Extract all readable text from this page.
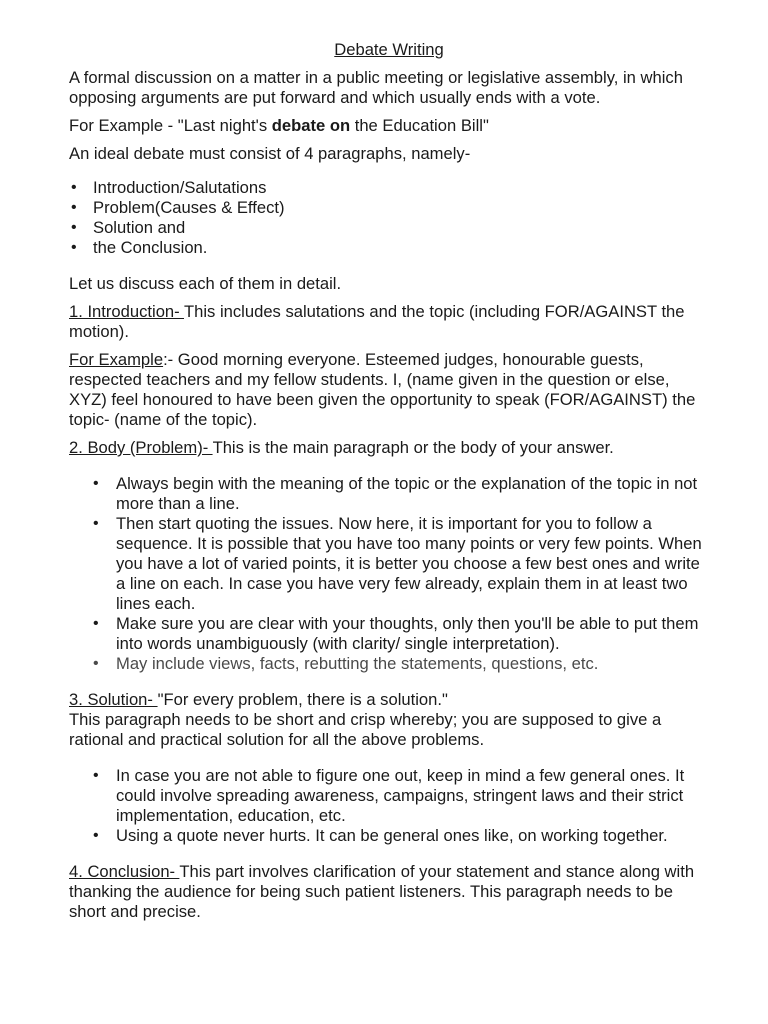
Debate Writing

A formal discussion on a matter in a public meeting or legislative assembly, in which opposing arguments are put forward and which usually ends with a vote.

For Example - "Last night's debate on the Education Bill"

An ideal debate must consist of 4 paragraphs, namely-

• Introduction/Salutations
• Problem(Causes & Effect)
• Solution and
• the Conclusion.

Let us discuss each of them in detail.

1. Introduction- This includes salutations and the topic (including FOR/AGAINST the motion).

For Example:- Good morning everyone. Esteemed judges, honourable guests, respected teachers and my fellow students. I, (name given in the question or else, XYZ) feel honoured to have been given the opportunity to speak (FOR/AGAINST) the topic- (name of the topic).

2. Body (Problem)- This is the main paragraph or the body of your answer.

• Always begin with the meaning of the topic or the explanation of the topic in not more than a line.
• Then start quoting the issues. Now here, it is important for you to follow a sequence. It is possible that you have too many points or very few points. When you have a lot of varied points, it is better you choose a few best ones and write a line on each. In case you have very few already, explain them in at least two lines each.
• Make sure you are clear with your thoughts, only then you'll be able to put them into words unambiguously (with clarity/ single interpretation).
• May include views, facts, rebutting the statements, questions, etc.

3. Solution- "For every problem, there is a solution."
This paragraph needs to be short and crisp whereby; you are supposed to give a rational and practical solution for all the above problems.

• In case you are not able to figure one out, keep in mind a few general ones. It could involve spreading awareness, campaigns, stringent laws and their strict implementation, education, etc.
• Using a quote never hurts. It can be general ones like, on working together.

4. Conclusion- This part involves clarification of your statement and stance along with thanking the audience for being such patient listeners. This paragraph needs to be short and precise.
